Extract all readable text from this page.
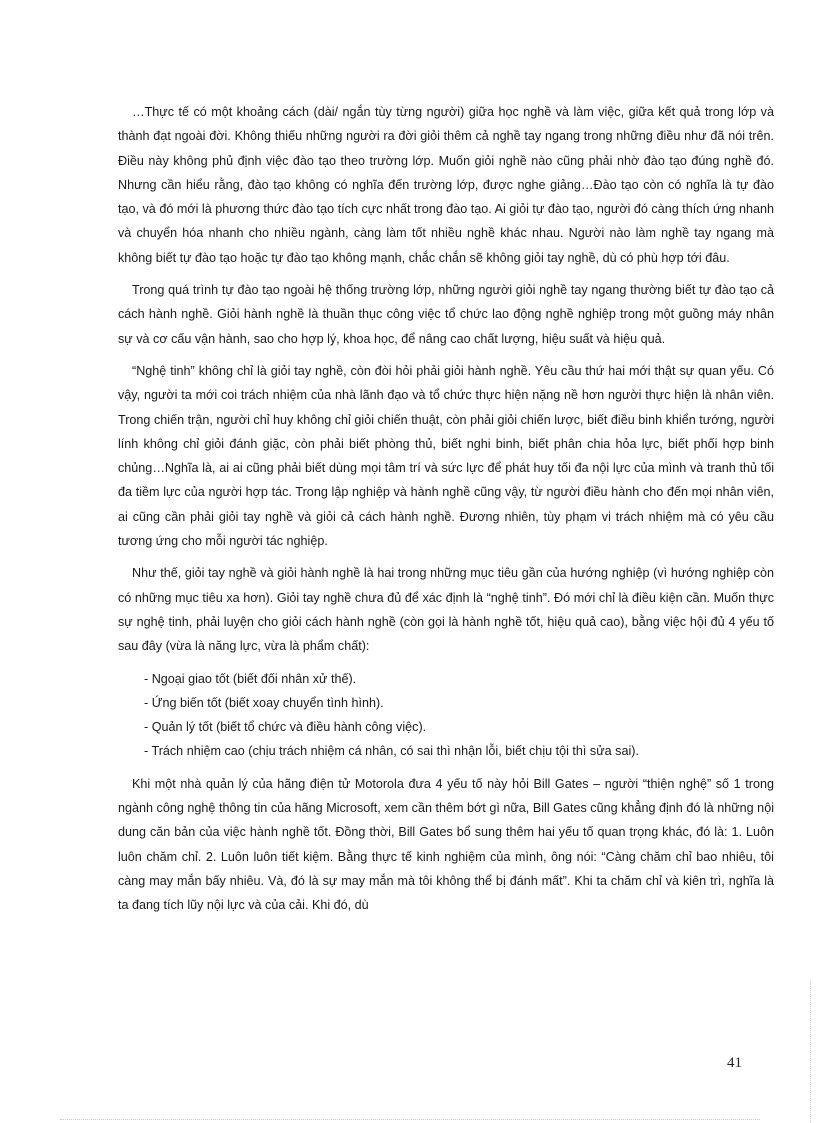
…Thực tế có một khoảng cách (dài/ ngắn tùy từng người) giữa học nghề và làm việc, giữa kết quả trong lớp và thành đạt ngoài đời. Không thiếu những người ra đời giỏi thêm cả nghề tay ngang trong những điều như đã nói trên. Điều này không phủ định việc đào tạo theo trường lớp. Muốn giỏi nghề nào cũng phải nhờ đào tạo đúng nghề đó. Nhưng cần hiểu rằng, đào tạo không có nghĩa đến trường lớp, được nghe giảng…Đào tạo còn có nghĩa là tự đào tạo, và đó mới là phương thức đào tạo tích cực nhất trong đào tạo. Ai giỏi tự đào tạo, người đó càng thích ứng nhanh và chuyển hóa nhanh cho nhiều ngành, càng làm tốt nhiều nghề khác nhau. Người nào làm nghề tay ngang mà không biết tự đào tạo hoặc tự đào tạo không mạnh, chắc chắn sẽ không giỏi tay nghề, dù có phù hợp tới đâu.

Trong quá trình tự đào tạo ngoài hệ thống trường lớp, những người giỏi nghề tay ngang thường biết tự đào tạo cả cách hành nghề. Giỏi hành nghề là thuần thục công việc tổ chức lao động nghề nghiệp trong một guồng máy nhân sự và cơ cấu vận hành, sao cho hợp lý, khoa học, để nâng cao chất lượng, hiệu suất và hiệu quả.

“Nghệ tinh” không chỉ là giỏi tay nghề, còn đòi hỏi phải giỏi hành nghề. Yêu cầu thứ hai mới thật sự quan yếu. Có vậy, người ta mới coi trách nhiệm của nhà lãnh đạo và tổ chức thực hiện nặng nề hơn người thực hiện là nhân viên. Trong chiến trận, người chỉ huy không chỉ giỏi chiến thuật, còn phải giỏi chiến lược, biết điều binh khiển tướng, người lính không chỉ giỏi đánh giặc, còn phải biết phòng thủ, biết nghi binh, biết phân chia hỏa lực, biết phối hợp binh chủng…Nghĩa là, ai ai cũng phải biết dùng mọi tâm trí và sức lực để phát huy tối đa nội lực của mình và tranh thủ tối đa tiềm lực của người hợp tác. Trong lập nghiệp và hành nghề cũng vậy, từ người điều hành cho đến mọi nhân viên, ai cũng cần phải giỏi tay nghề và giỏi cả cách hành nghề. Đương nhiên, tùy phạm vi trách nhiệm mà có yêu cầu tương ứng cho mỗi người tác nghiệp.

Như thế, giỏi tay nghề và giỏi hành nghề là hai trong những mục tiêu gần của hướng nghiệp (vì hướng nghiệp còn có những mục tiêu xa hơn). Giỏi tay nghề chưa đủ để xác định là “nghệ tinh”. Đó mới chỉ là điều kiện cần. Muốn thực sự nghệ tinh, phải luyện cho giỏi cách hành nghề (còn gọi là hành nghề tốt, hiệu quả cao), bằng việc hội đủ 4 yếu tố sau đây (vừa là năng lực, vừa là phẩm chất):

- Ngoại giao tốt (biết đối nhân xử thế).
- Ứng biến tốt (biết xoay chuyển tình hình).
- Quản lý tốt (biết tổ chức và điều hành công việc).
- Trách nhiệm cao (chịu trách nhiệm cá nhân, có sai thì nhận lỗi, biết chịu tội thì sửa sai).

Khi một nhà quản lý của hãng điện tử Motorola đưa 4 yếu tố này hỏi Bill Gates – người “thiện nghệ” số 1 trong ngành công nghệ thông tin của hãng Microsoft, xem cần thêm bớt gì nữa, Bill Gates cũng khẳng định đó là những nội dung căn bản của việc hành nghề tốt. Đồng thời, Bill Gates bổ sung thêm hai yếu tố quan trọng khác, đó là: 1. Luôn luôn chăm chỉ. 2. Luôn luôn tiết kiệm. Bằng thực tế kinh nghiệm của mình, ông nói: “Càng chăm chỉ bao nhiêu, tôi càng may mắn bấy nhiêu. Và, đó là sự may mắn mà tôi không thể bị đánh mất”. Khi ta chăm chỉ và kiên trì, nghĩa là ta đang tích lũy nội lực và của cải. Khi đó, dù

41
